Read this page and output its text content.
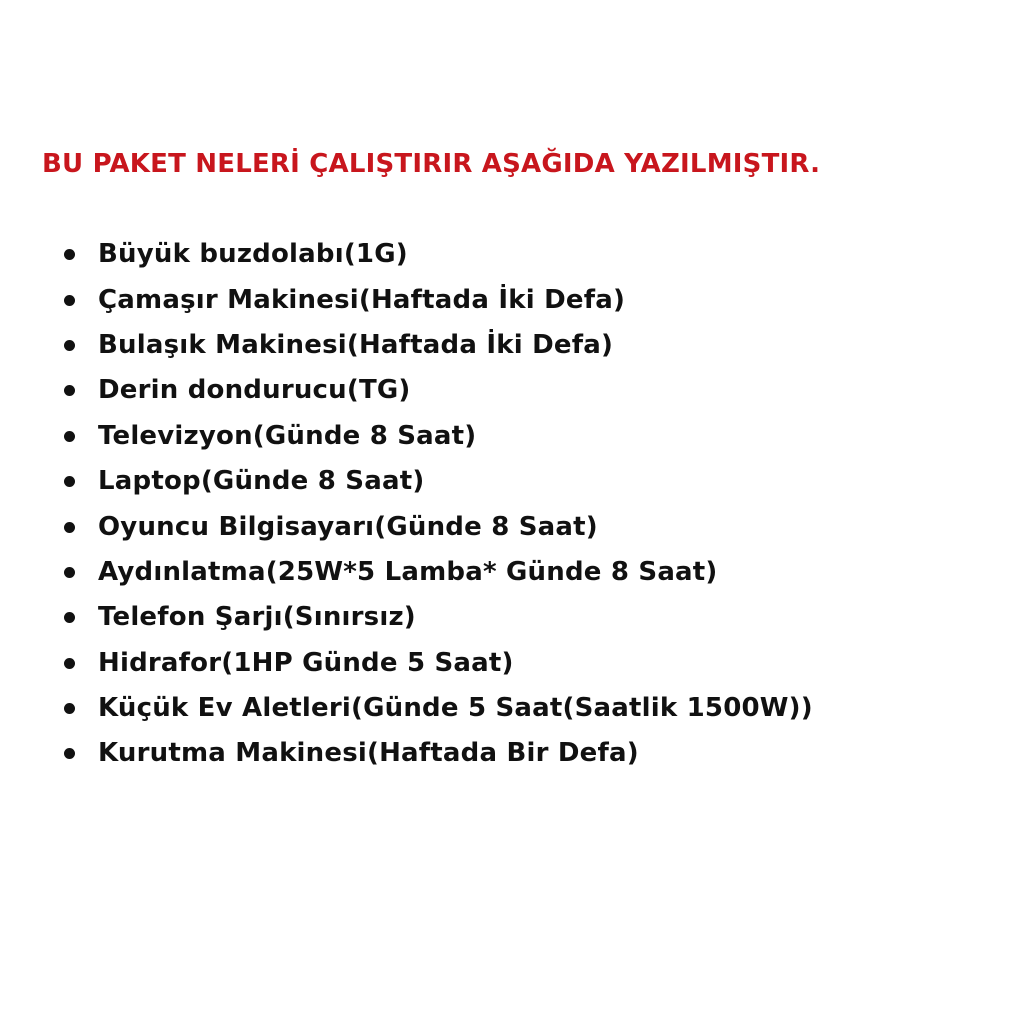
BU PAKET NELERİ ÇALIŞTIRIR AŞAĞIDA YAZILMIŞTIR.
Büyük buzdolabı(1G)
Çamaşır Makinesi(Haftada İki Defa)
Bulaşık Makinesi(Haftada İki Defa)
Derin dondurucu(TG)
Televizyon(Günde 8 Saat)
Laptop(Günde 8 Saat)
Oyuncu Bilgisayarı(Günde 8 Saat)
Aydınlatma(25W*5 Lamba* Günde 8 Saat)
Telefon Şarjı(Sınırsız)
Hidrafor(1HP Günde 5 Saat)
Küçük Ev Aletleri(Günde 5 Saat(Saatlik 1500W))
Kurutma Makinesi(Haftada Bir Defa)
